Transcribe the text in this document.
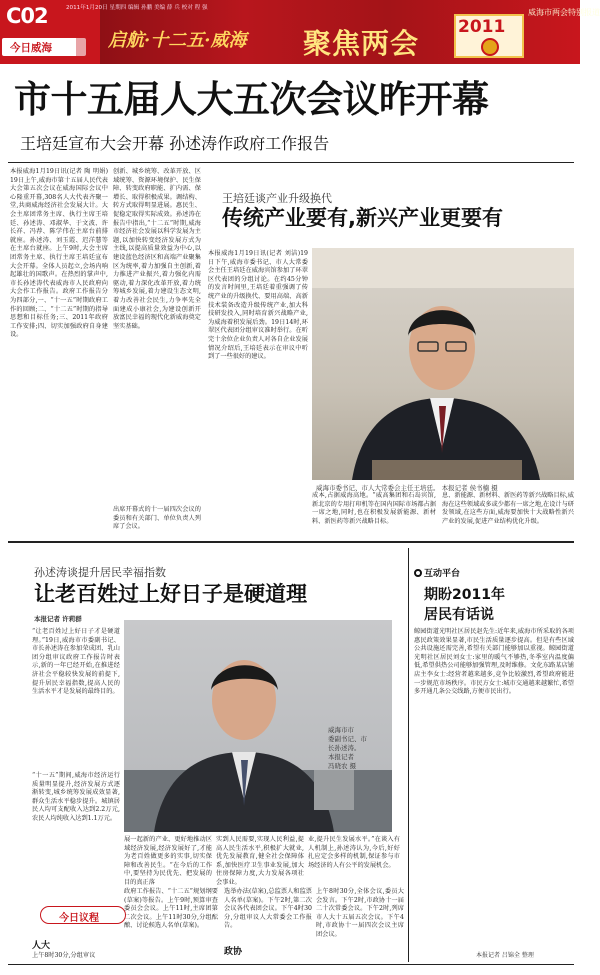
C02	2011年1月20日 星期四 编辑 孙鹏 美编 薛 兵 校对 程 强
今日威海	启航·十二五·威海 聚焦两会 2011
威海市两会特别报道
市十五届人大五次会议昨开幕
王培廷宣布大会开幕 孙述涛作政府工作报告
本报威海1月19日讯(记者 陶 明娟)19日上午,威海市第十五届人民代表大会第五次会议在威海国际会议中心隆重开幕,308名人大代表齐聚一堂,共商威海经济社会发展大计。大会主席团常务主席、执行主席王培廷、孙述涛、邓淑华、于文波、许长祥、冯荐、陈学伟在主席台前排就座。孙述涛、刘玉霞、迟洋慧等在主席台就座。上午9时,大会主席团常务主席、执行主席王培廷宣布大会开幕。全体人员起立,会场内响起雄壮的国歌声。在热烈的掌声中,市长孙述涛代表威海市人民政府向大会作工作报告。政府工作报告分为四部分,一、“十一五”时期政府工作的回顾;二、“十二五”时期的指导思想和目标任务;三、2011年政府工作安排;四、切实加强政府自身建设。
创新、城乡统筹、改革开放、区域统筹、资源环境保护、民生保障、转变政府职能、扩内需、保增长、取得积极成果。调结构、转方式取得明显进展。惠民生、促稳定取得实际成效。孙述涛在报告中指出,“十二五”时期,威海市经济社会发展以科学发展为主题,以加快转变经济发展方式为主线,以提高质量效益为中心,以建设蓝色经济区和高端产业聚集区为统率,着力加强自主创新,着力推进产业振兴,着力强化内需驱动,着力深化改革开放,着力统筹城乡发展,着力建设生态文明,着力改善社会民生,力争率先全面建成小康社会,为建设创新开放富民幸福的现代化新威海奠定坚实基础。
出席开幕式的十一届四次会议的委员和有关部门、单位负责人列席了会议。
王培廷谈产业升级换代
传统产业要有,新兴产业更要有
本报威海1月19日讯(记者 刘洁)19日下午,威海市委书记、市人大常委会主任王培廷在威海宾馆参加了环翠区代表团的分组讨论。在约45分钟的发言时间里,王培廷着重强调了传统产业的升级换代、要用高端、高新技术装备改造升级传统产业,加大科技研发投入,同时培育新兴战略产业,为威海着积发展后劲。19日14时,环翠区代表团分组审议准时举行。在听完十余位企业负责人对各自企业发展情况介绍后,王培廷表示在审议中听到了一些很好的建议。
威海市委书记、市人大常委会主任王培廷。 本报记者 侯书楠 摄
成本,占据威海高地。“威高集团和石岛宾馆,新北京的专用打印机等在国内国际市场都占据一席之地,同时,也在积极发展新能源、新材料、新医药等新兴战略目标。
息、新能源、新材料、新医药等新兴战略目标,威海在这些领域或多或少都有一席之地,在设计与研发领域,在这些方面,威海要加快十大战略性新兴产业的发展,促进产业结构优化升级。
孙述涛谈提升居民幸福指数
让老百姓过上好日子是硬道理
本报记者 许莉群
“让老百姓过上好日子才是硬道理。”19日,威海市市委副书记、市长孙述涛在参加荣成团、乳山团分组审议政府工作报告时表示,新的一年已经开始,在推进经济社会平稳较快发展的前提下,提升居民幸福指数,提高人民的生活水平才是发展的最终目的。
“十一五”期间,威海市经济运行质量明显提升,经济发展方式逐渐转变,城乡统筹发展成效显著,群众生活水平稳步提升。城镇居民人均可支配收入达到2.2万元,农民人均纯收入达到1.1万元。
威海市市
委副书记、市
长孙述涛。
本报记者
冯晓农 摄
展一起新的产业、更好地推动区域经济发展,经济发展好了,才能为老百姓做更多的实事,切实保障和改善民生。“在今后的工作中,要坚持为民优先、把发展的目的真正落
实到人民需要,实现人民利益,提高人民生活水平,积极扩大就业,优先发展教育,健全社会保障体系,加快医疗卫生事业发展,加大住房保障力度,大力发展各项社会事业。
业,提升民生发展水平。”在谈入有人机制上,孙述涛认为,今后,好好扎应定会多样的机制,保证参与市场经济的人有公平的发展机会。
互动平台
期盼2011年
居民有话说
鲸园街道光明社区居民赵先生:近年来,威海市所采取的各项惠民政策效果显著,市民生活质量逐步提高。但是有些区域公共设施还需完善,希望有关部门能够加以重视。鲸园街道光明社区居民刘女士:家里的暖气不够热,冬季室内温度偏低,希望供热公司能够加强管理,及时维修。文化东路某店铺店主李女士:经营者越来越多,竞争比较激烈,希望政府能进一步规范市场秩序。市民方女士:城市交通越来越繁忙,希望多开通几条公交线路,方便市民出行。
本报记者 吕锦全 整理
今日议程
人大
上午8时30分,分组审议
政府工作报告、“十二五”规划纲要(草案)等报告。上午9时,预算审查委员会会议。上午11时,主席团第二次会议。上午11时30分,分组酝酿、讨论候选人名单(草案)。
选举办法(草案),总监票人和监票人名单(草案)。下午2时,第二次会议各代表团会议。下午4时30分,分组审议人大常委会工作报告。
政协
上午8时30分,全体会议,委员大会发言。下午2时,市政协十一届二十次常委会议。下午2时,列席市人大十五届五次会议。下午4时,市政协十一届四次会议主席团会议。
